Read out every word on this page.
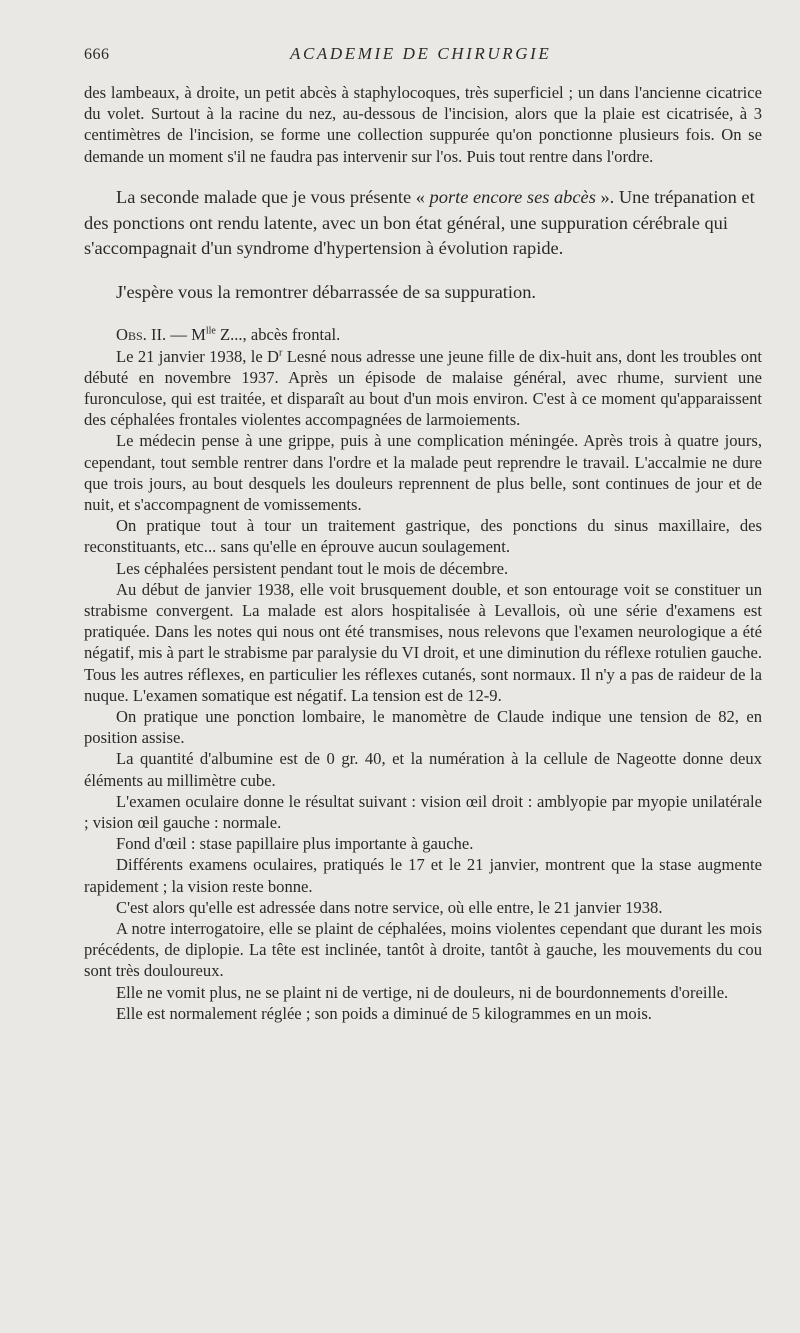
666	ACADEMIE DE CHIRURGIE

des lambeaux, à droite, un petit abcès à staphylocoques, très superficiel ; un dans l'ancienne cicatrice du volet. Surtout à la racine du nez, au-dessous de l'incision, alors que la plaie est cicatrisée, à 3 centimètres de l'incision, se forme une collection suppurée qu'on ponctionne plusieurs fois. On se demande un moment s'il ne faudra pas intervenir sur l'os. Puis tout rentre dans l'ordre.

La seconde malade que je vous présente « porte encore ses abcès ». Une trépanation et des ponctions ont rendu latente, avec un bon état général, une suppuration cérébrale qui s'accompagnait d'un syndrome d'hypertension à évolution rapide.

J'espère vous la remontrer débarrassée de sa suppuration.

Obs. II. — $M^{lle}$ Z..., abcès frontal.

Le 21 janvier 1938, le $D^r$ Lesné nous adresse une jeune fille de dix-huit ans, dont les troubles ont débuté en novembre 1937. Après un épisode de malaise général, avec rhume, survient une furonculose, qui est traitée, et disparaît au bout d'un mois environ. C'est à ce moment qu'apparaissent des céphalées frontales violentes accompagnées de larmoiements.

Le médecin pense à une grippe, puis à une complication méningée. Après trois à quatre jours, cependant, tout semble rentrer dans l'ordre et la malade peut reprendre le travail. L'accalmie ne dure que trois jours, au bout desquels les douleurs reprennent de plus belle, sont continues de jour et de nuit, et s'accompagnent de vomissements.

On pratique tout à tour un traitement gastrique, des ponctions du sinus maxillaire, des reconstituants, etc... sans qu'elle en éprouve aucun soulagement.

Les céphalées persistent pendant tout le mois de décembre.

Au début de janvier 1938, elle voit brusquement double, et son entourage voit se constituer un strabisme convergent. La malade est alors hospitalisée à Levallois, où une série d'examens est pratiquée. Dans les notes qui nous ont été transmises, nous relevons que l'examen neurologique a été négatif, mis à part le strabisme par paralysie du VI droit, et une diminution du réflexe rotulien gauche. Tous les autres réflexes, en particulier les réflexes cutanés, sont normaux. Il n'y a pas de raideur de la nuque. L'examen somatique est négatif. La tension est de 12-9.

On pratique une ponction lombaire, le manomètre de Claude indique une tension de 82, en position assise.

La quantité d'albumine est de 0 gr. 40, et la numération à la cellule de Nageotte donne deux éléments au millimètre cube.

L'examen oculaire donne le résultat suivant : vision œil droit : amblyopie par myopie unilatérale ; vision œil gauche : normale.

Fond d'œil : stase papillaire plus importante à gauche.

Différents examens oculaires, pratiqués le 17 et le 21 janvier, montrent que la stase augmente rapidement ; la vision reste bonne.

C'est alors qu'elle est adressée dans notre service, où elle entre, le 21 janvier 1938.

A notre interrogatoire, elle se plaint de céphalées, moins violentes cependant que durant les mois précédents, de diplopie. La tête est inclinée, tantôt à droite, tantôt à gauche, les mouvements du cou sont très douloureux.

Elle ne vomit plus, ne se plaint ni de vertige, ni de douleurs, ni de bourdonnements d'oreille.

Elle est normalement réglée ; son poids a diminué de 5 kilogrammes en un mois.
